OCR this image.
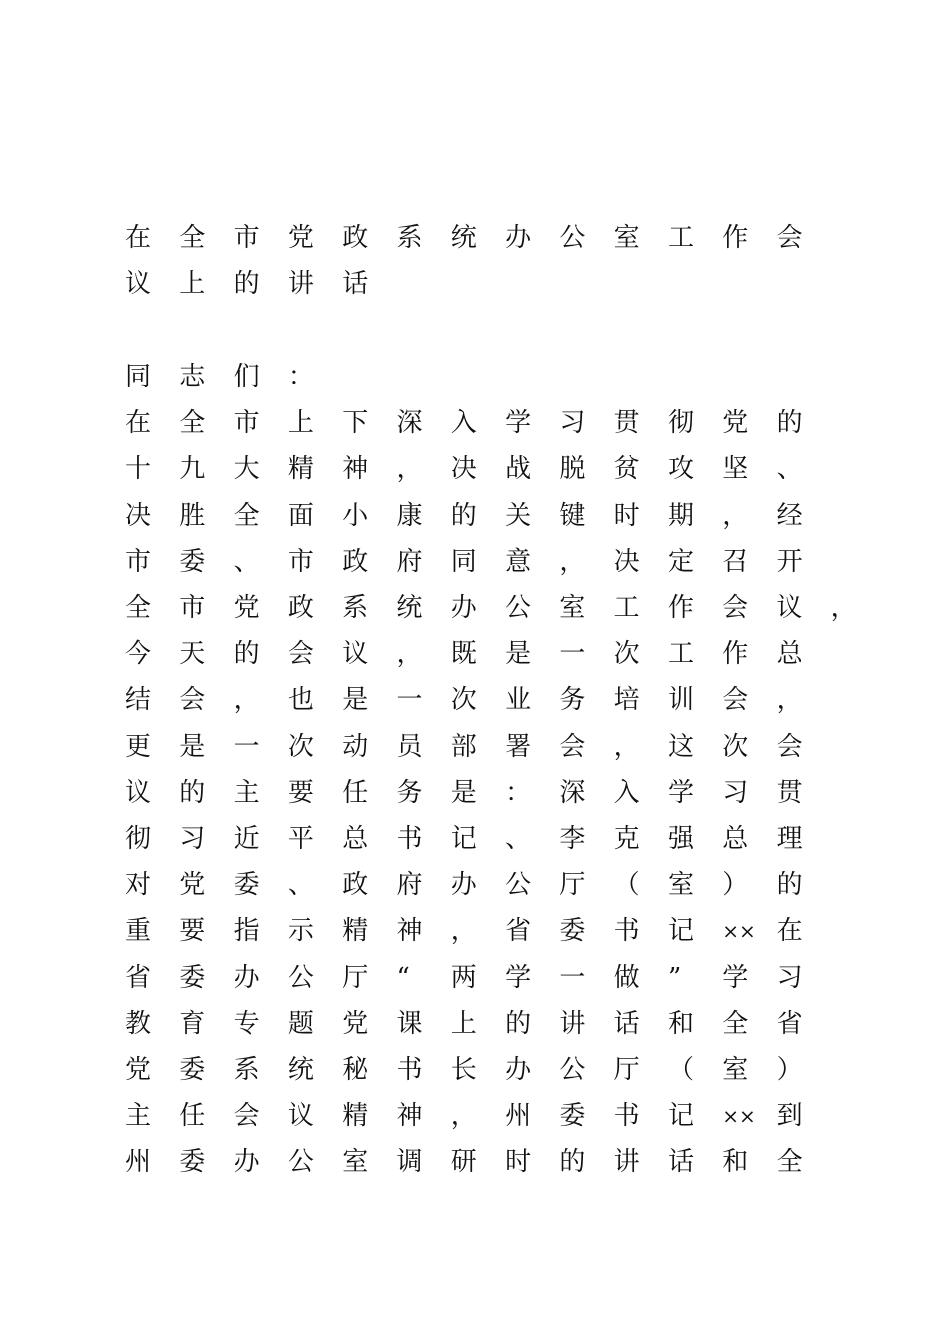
在	全	市	党	政	系	统	办	公	室	工	作	会
议	上	的	讲	话
同	志	们	：
在	全	市	上	下	深	入	学	习	贯	彻	党	的
十	九	大	精	神	，	决	战	脱	贫	攻	坚	、
决	胜	全	面	小	康	的	关	键	时	期	，	经
市	委	、	市	政	府	同	意	，	决	定	召	开
全	市	党	政	系	统	办	公	室	工	作	会	议	，
今	天	的	会	议	，	既	是	一	次	工	作	总
结	会	，	也	是	一	次	业	务	培	训	会	，
更	是	一	次	动	员	部	署	会	，	这	次	会
议	的	主	要	任	务	是	：	深	入	学	习	贯
彻	习	近	平	总	书	记	、	李	克	强	总	理
对	党	委	、	政	府	办	公	厅	（	室	）	的
重	要	指	示	精	神	，	省	委	书	记	×× 在
省	委	办	公	厅	“	两	学	一	做	”	学	习
教	育	专	题	党	课	上	的	讲	话	和	全	省
党	委	系	统	秘	书	长	办	公	厅	（	室	）
主	任	会	议	精	神	，	州	委	书	记	×× 到
州	委	办	公	室	调	研	时	的	讲	话	和	全
